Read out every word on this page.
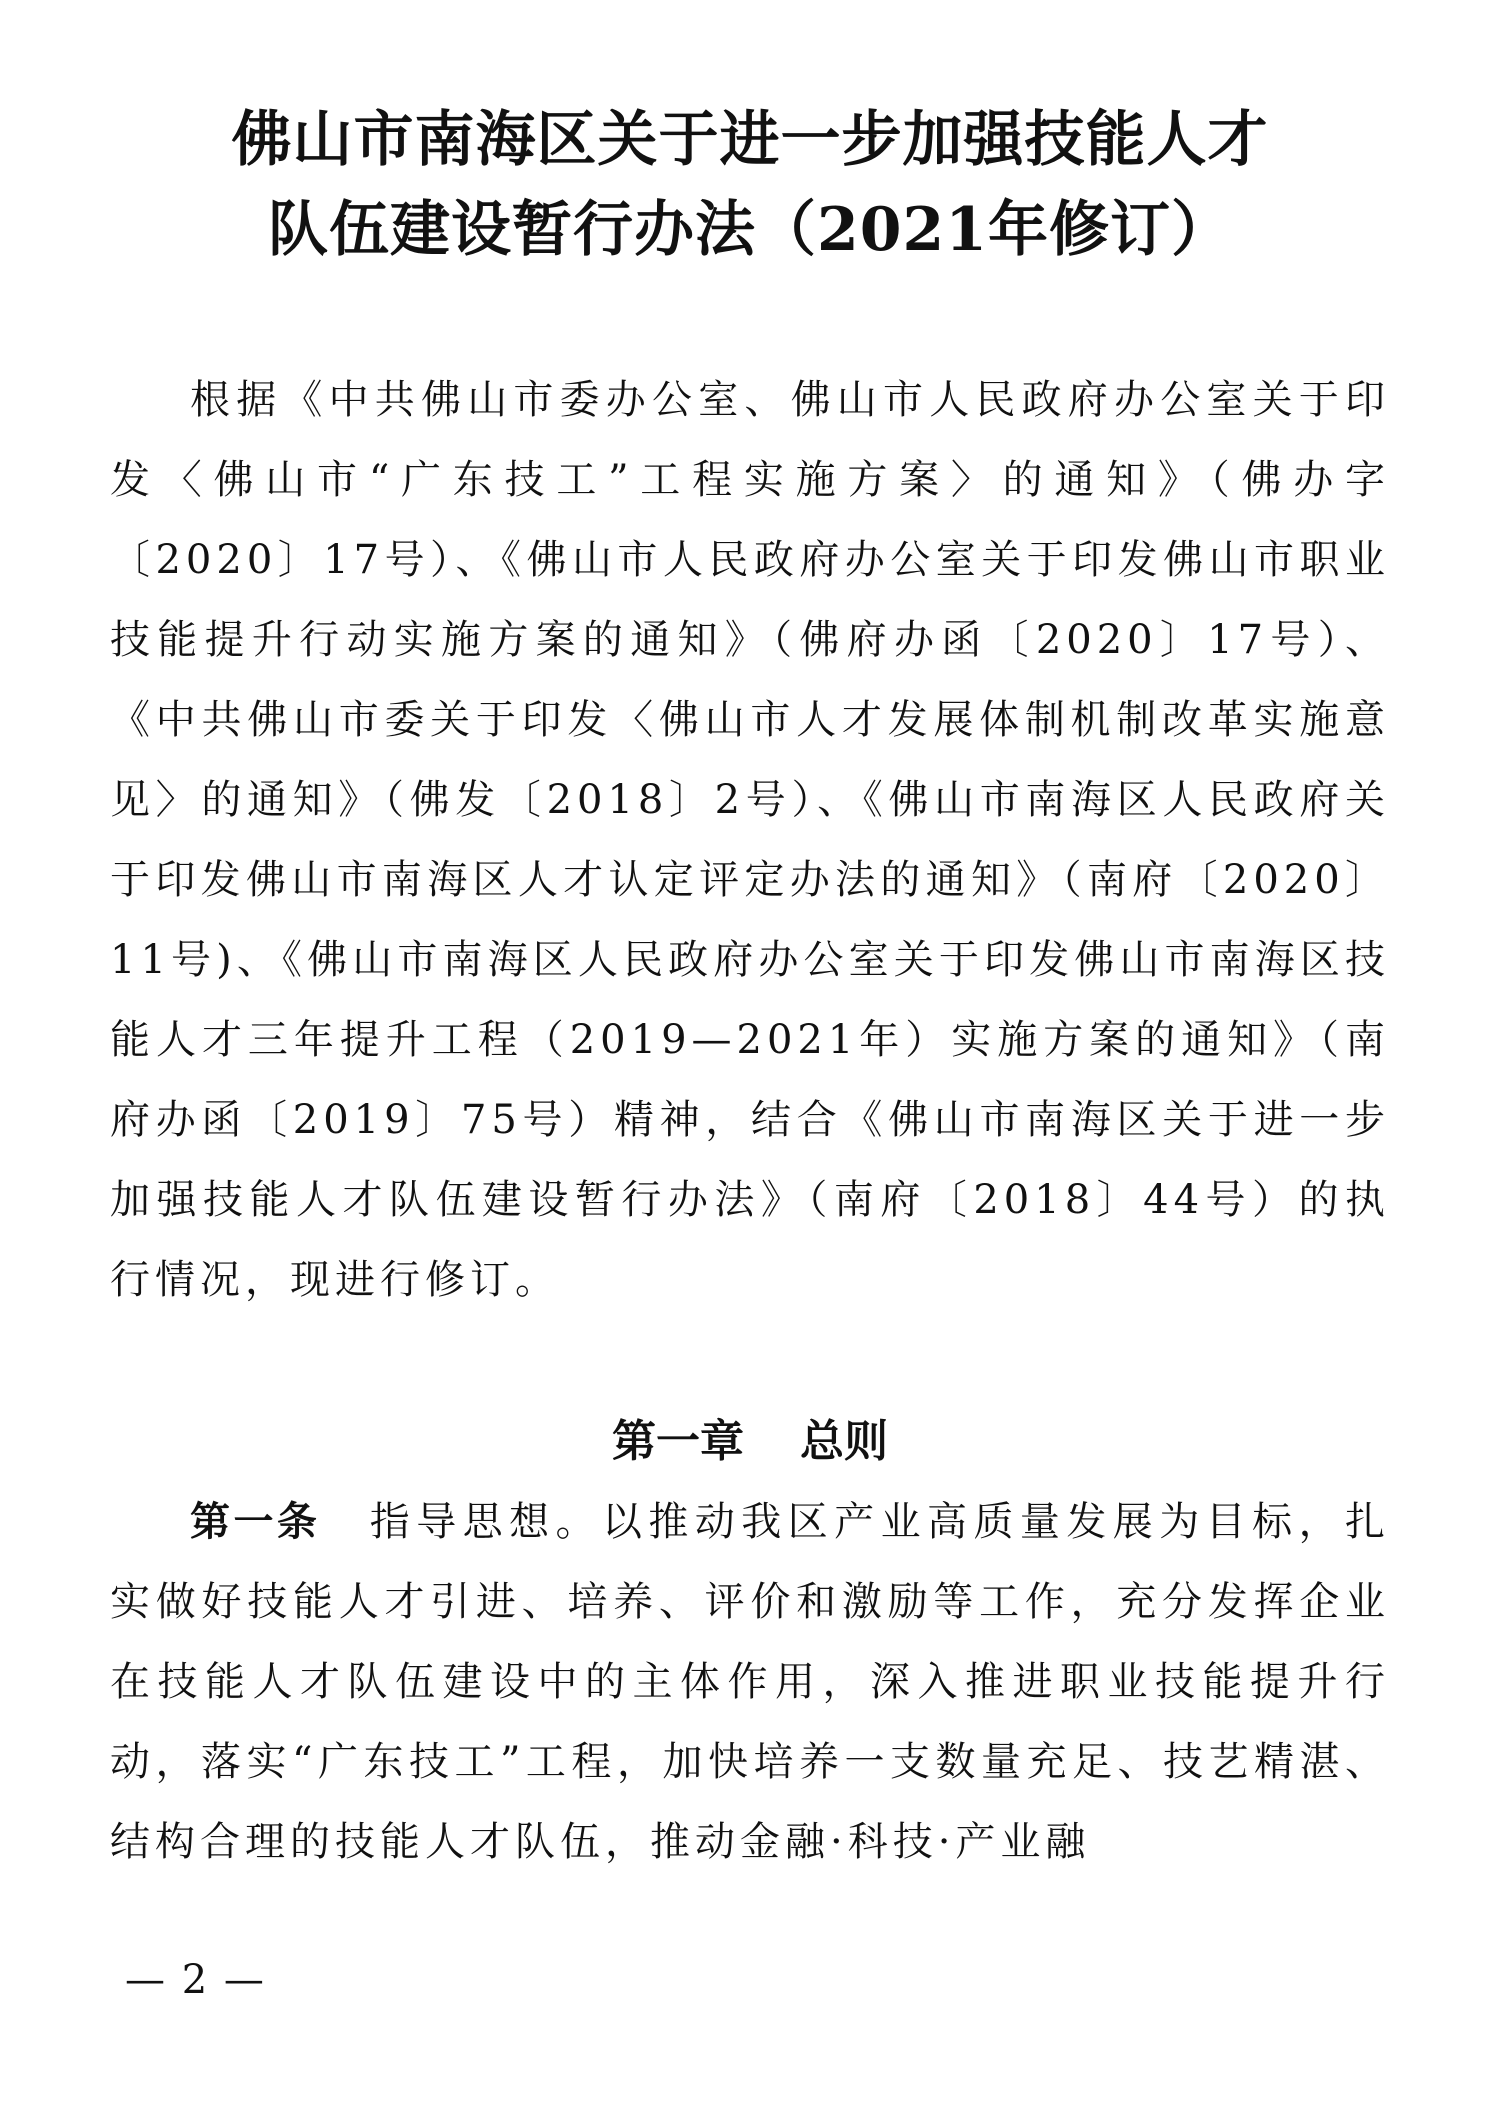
佛山市南海区关于进一步加强技能人才
队伍建设暂行办法（2021年修订）

根据《中共佛山市委办公室、佛山市人民政府办公室关于印发〈佛山市“广东技工”工程实施方案〉的通知》（佛办字〔2020〕17号）、《佛山市人民政府办公室关于印发佛山市职业技能提升行动实施方案的通知》（佛府办函〔2020〕17号）、《中共佛山市委关于印发〈佛山市人才发展体制机制改革实施意见〉的通知》（佛发〔2018〕2号）、《佛山市南海区人民政府关于印发佛山市南海区人才认定评定办法的通知》（南府〔2020〕11号)、《佛山市南海区人民政府办公室关于印发佛山市南海区技能人才三年提升工程（2019—2021年）实施方案的通知》（南府办函〔2019〕75号）精神，结合《佛山市南海区关于进一步加强技能人才队伍建设暂行办法》（南府〔2018〕44号）的执行情况，现进行修订。

第一章 总则

第一条 指导思想。以推动我区产业高质量发展为目标，扎实做好技能人才引进、培养、评价和激励等工作，充分发挥企业在技能人才队伍建设中的主体作用，深入推进职业技能提升行动，落实“广东技工”工程，加快培养一支数量充足、技艺精湛、结构合理的技能人才队伍，推动金融·科技·产业融

— 2 —
